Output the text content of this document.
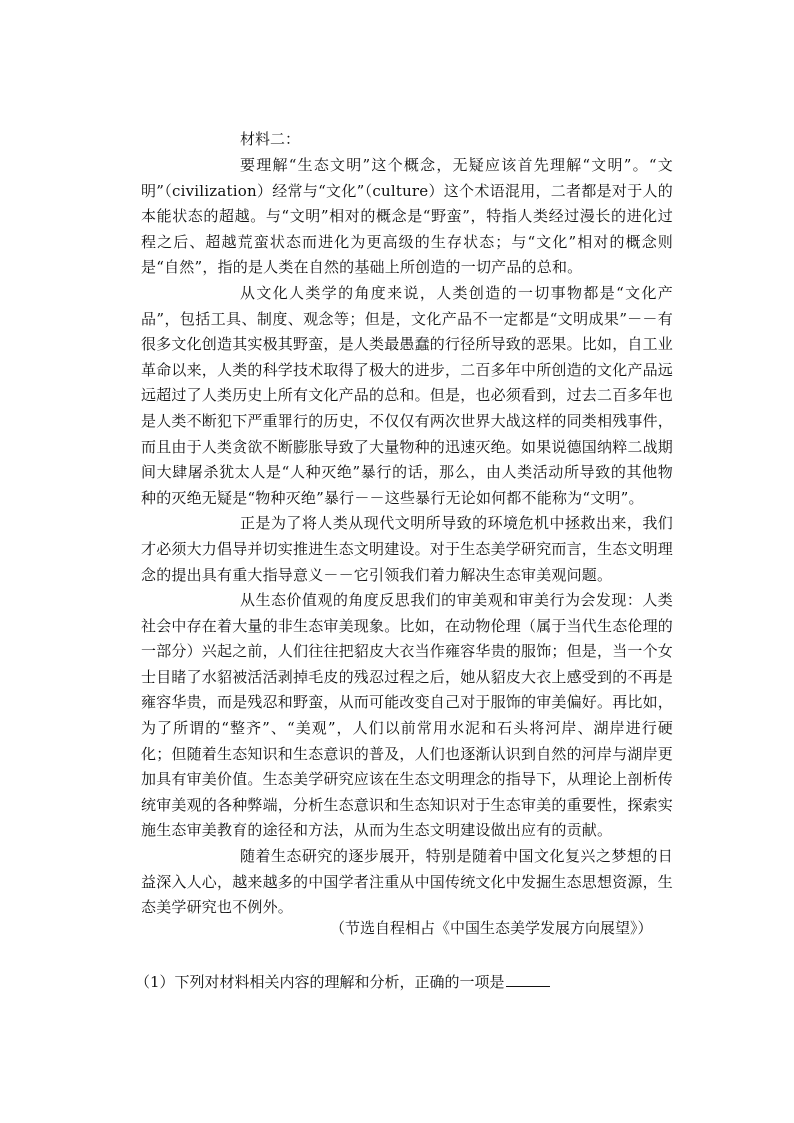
材料二：

要理解“生态文明”这个概念，无疑应该首先理解“文明”。“文明”（civilization）经常与“文化”（culture）这个术语混用，二者都是对于人的本能状态的超越。与“文明”相对的概念是“野蛮”，特指人类经过漫长的进化过程之后、超越荒蛮状态而进化为更高级的生存状态；与“文化”相对的概念则是“自然”，指的是人类在自然的基础上所创造的一切产品的总和。

从文化人类学的角度来说，人类创造的一切事物都是“文化产品”，包括工具、制度、观念等；但是，文化产品不一定都是“文明成果”－－有很多文化创造其实极其野蛮，是人类最愚蠢的行径所导致的恶果。比如，自工业革命以来，人类的科学技术取得了极大的进步，二百多年中所创造的文化产品远远超过了人类历史上所有文化产品的总和。但是，也必须看到，过去二百多年也是人类不断犯下严重罪行的历史，不仅仅有两次世界大战这样的同类相残事件，而且由于人类贪欲不断膨胀导致了大量物种的迅速灭绝。如果说德国纳粹二战期间大肆屠杀犹太人是“人种灭绝”暴行的话，那么，由人类活动所导致的其他物种的灭绝无疑是“物种灭绝”暴行－－这些暴行无论如何都不能称为“文明”。

正是为了将人类从现代文明所导致的环境危机中拯救出来，我们才必须大力倡导并切实推进生态文明建设。对于生态美学研究而言，生态文明理念的提出具有重大指导意义－－它引领我们着力解决生态审美观问题。

从生态价值观的角度反思我们的审美观和审美行为会发现：人类社会中存在着大量的非生态审美现象。比如，在动物伦理（属于当代生态伦理的一部分）兴起之前，人们往往把貂皮大衣当作雍容华贵的服饰；但是，当一个女士目睹了水貂被活活剥掉毛皮的残忍过程之后，她从貂皮大衣上感受到的不再是雍容华贵，而是残忍和野蛮，从而可能改变自己对于服饰的审美偏好。再比如，为了所谓的“整齐”、“美观”，人们以前常用水泥和石头将河岸、湖岸进行硬化；但随着生态知识和生态意识的普及，人们也逐渐认识到自然的河岸与湖岸更加具有审美价值。生态美学研究应该在生态文明理念的指导下，从理论上剖析传统审美观的各种弊端，分析生态意识和生态知识对于生态审美的重要性，探索实施生态审美教育的途径和方法，从而为生态文明建设做出应有的贡献。

随着生态研究的逐步展开，特别是随着中国文化复兴之梦想的日益深入人心，越来越多的中国学者注重从中国传统文化中发掘生态思想资源，生态美学研究也不例外。

（节选自程相占《中国生态美学发展方向展望》）
（1）下列对材料相关内容的理解和分析，正确的一项是
